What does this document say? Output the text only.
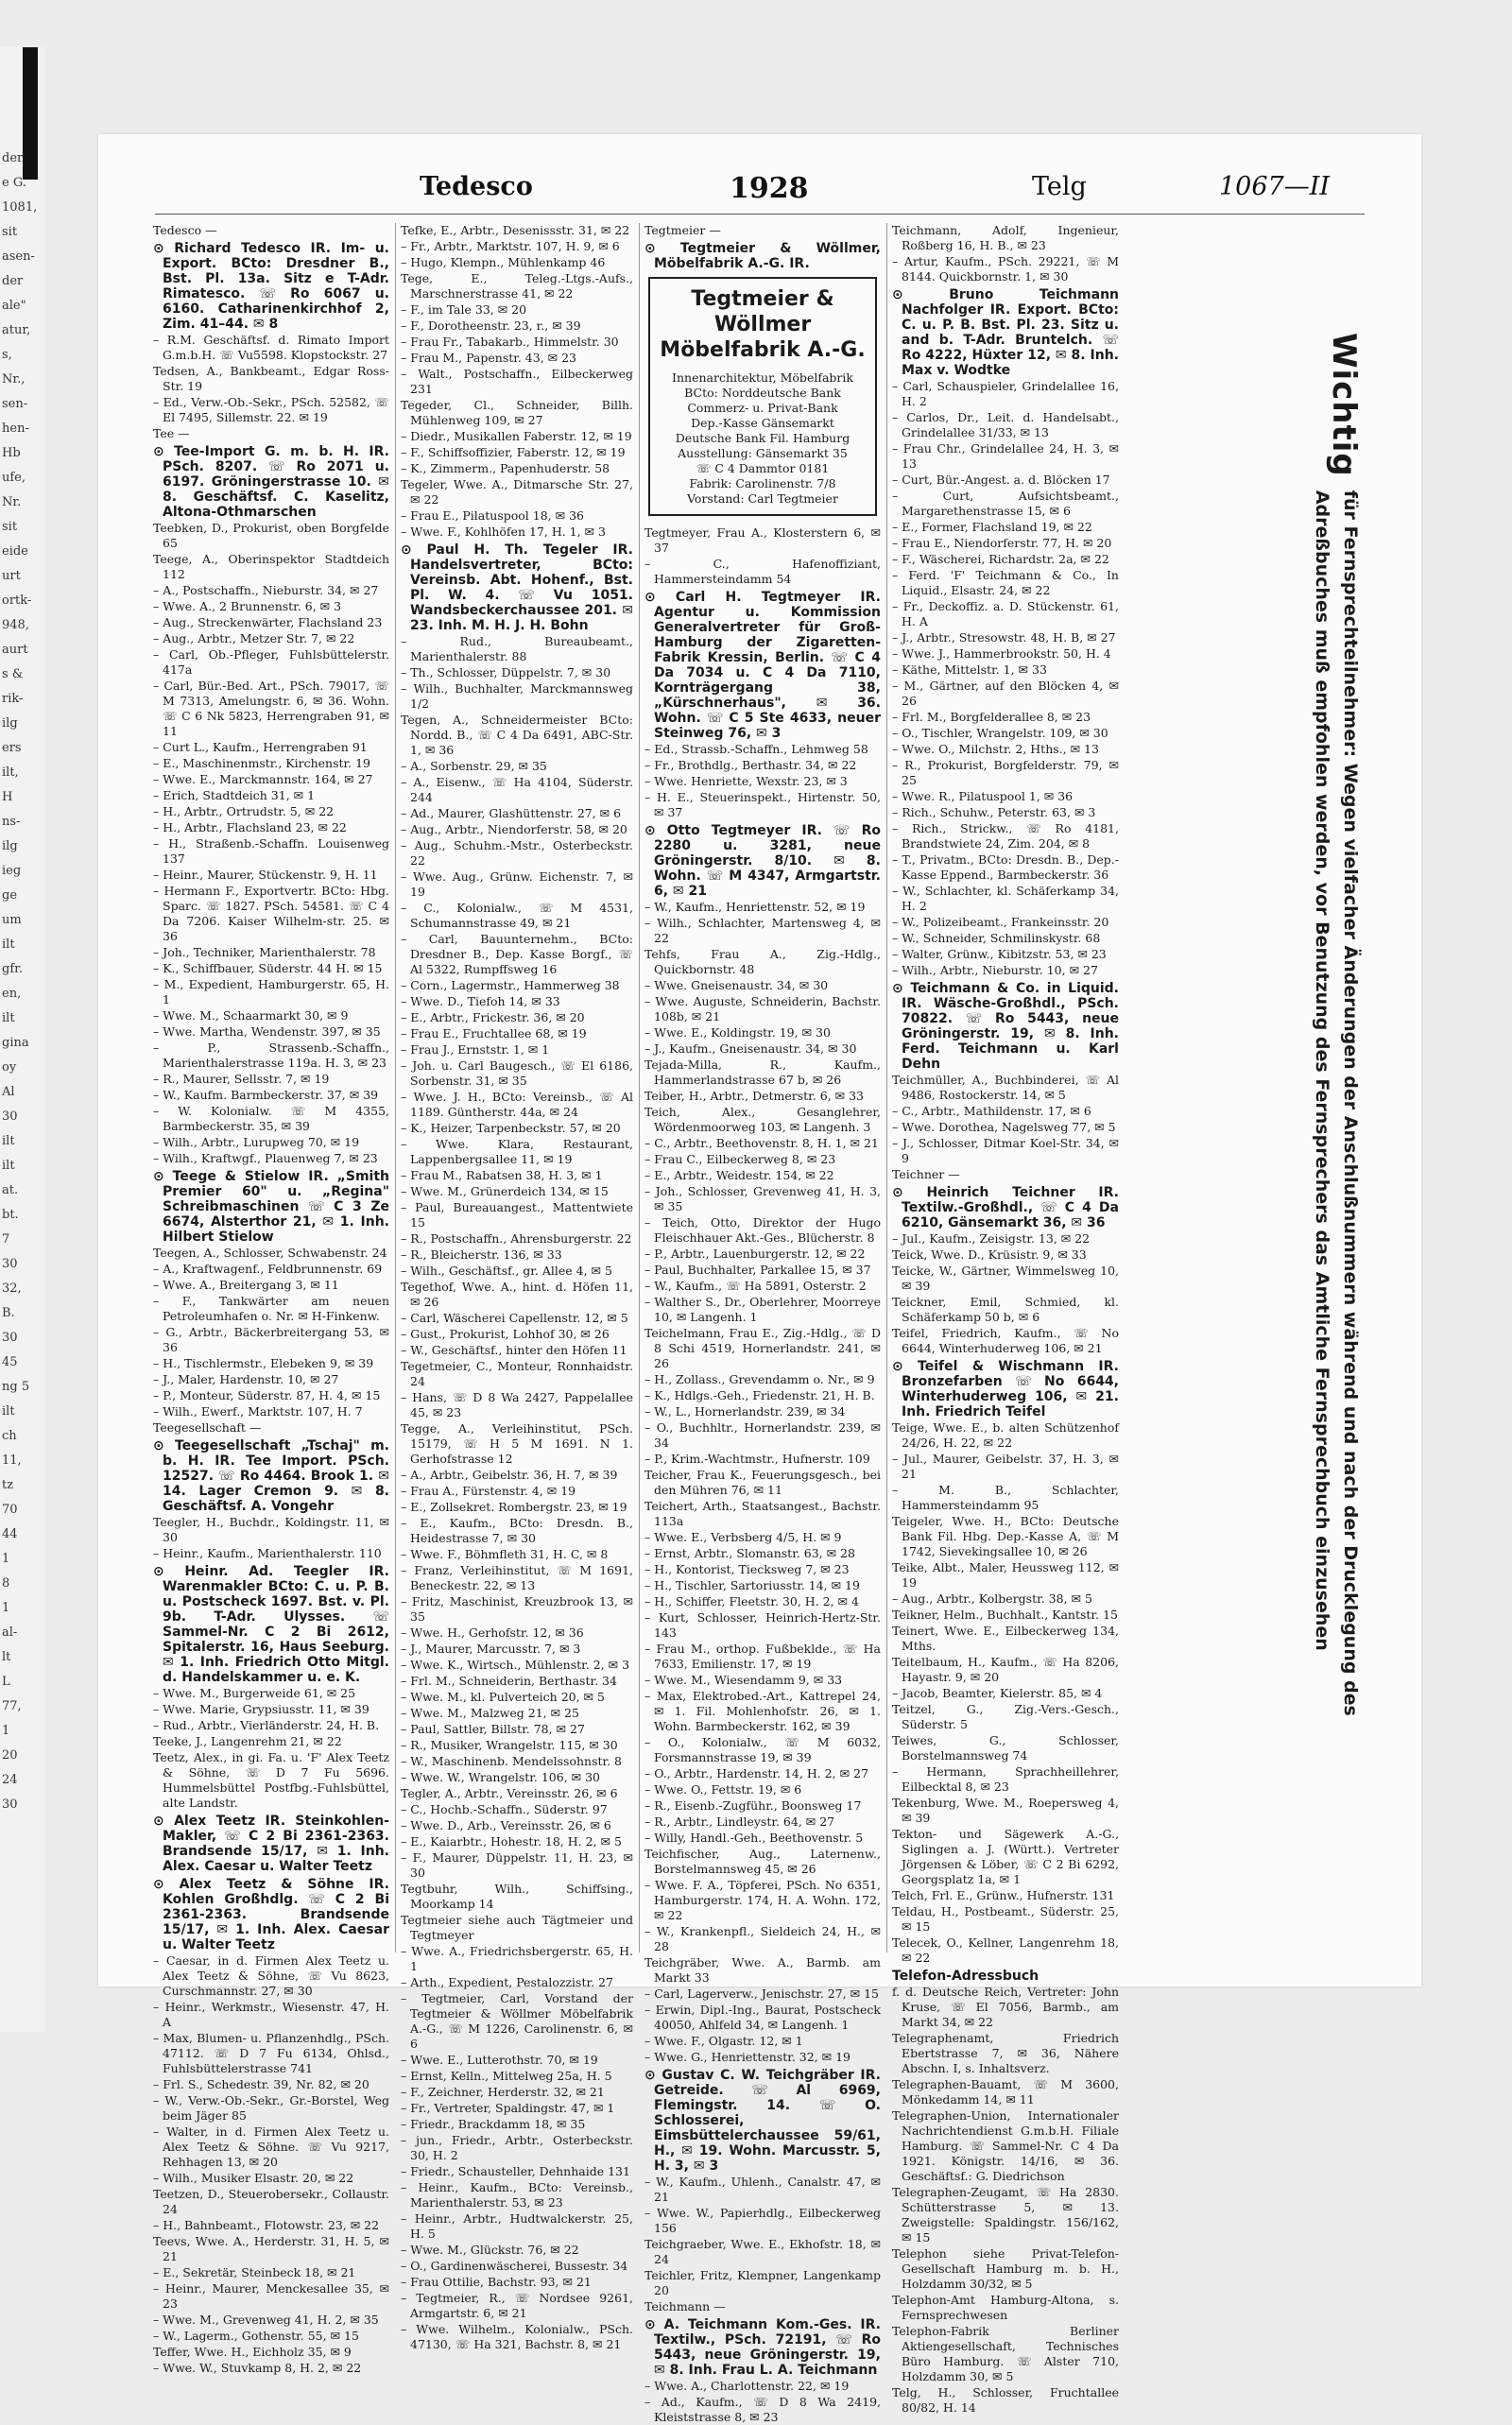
der
e G.
1081,
sit
asen-
der
ale"
atur,
s,
Nr.,
sen-
hen-
Hb
ufe,
Nr.
sit
eide
urt
ortk-
948,
aurt
s &
rik-
ilg
ers
ilt,
H
ns-
ilg
ieg
ge
um
ilt
gfr.
en,
ilt
gina
oy
Al
30
ilt
ilt
at.
bt.
7
30
32,
B.
30
45
ng 5
ilt
ch
11,
tz
70
44
1
8
1
al-
lt
L
77,
1
20
24
30
Tedesco	1928	Telg	1067—II
Tedesco —
⊙ Richard Tedesco IR. Im- u. Export. BCto: Dresdner B., Bst. Pl. 13a. Sitz e T-Adr. Rimatesco. ☏ Ro 6067 u. 6160. Catharinenkirchhof 2, Zim. 41–44. ✉ 8
– R.M. Geschäftsf. d. Rimato Import G.m.b.H. ☏ Vu5598. Klopstockstr. 27
Tedsen, A., Bankbeamt., Edgar Ross-Str. 19
– Ed., Verw.-Ob.-Sekr., PSch. 52582, ☏ El 7495, Sillemstr. 22. ✉ 19
Tee —
⊙ Tee-Import G. m. b. H. IR. PSch. 8207. ☏ Ro 2071 u. 6197. Gröningerstrasse 10. ✉ 8. Geschäftsf. C. Kaselitz, Altona-Othmarschen
Teebken, D., Prokurist, oben Borgfelde 65
Teege, A., Oberinspektor Stadtdeich 112
– A., Postschaffn., Nieburstr. 34, ✉ 27
– Wwe. A., 2 Brunnenstr. 6, ✉ 3
– Aug., Streckenwärter, Flachsland 23
– Aug., Arbtr., Metzer Str. 7, ✉ 22
– Carl, Ob.-Pfleger, Fuhlsbüttelerstr. 417a
– Carl, Bür.-Bed. Art., PSch. 79017, ☏ M 7313, Amelungstr. 6, ✉ 36. Wohn. ☏ C 6 Nk 5823, Herrengraben 91, ✉ 11
– Curt L., Kaufm., Herrengraben 91
– E., Maschinenmstr., Kirchenstr. 19
– Wwe. E., Marckmannstr. 164, ✉ 27
– Erich, Stadtdeich 31, ✉ 1
– H., Arbtr., Ortrudstr. 5, ✉ 22
– H., Arbtr., Flachsland 23, ✉ 22
– H., Straßenb.-Schaffn. Louisenweg 137
– Heinr., Maurer, Stückenstr. 9, H. 11
– Hermann F., Exportvertr. BCto: Hbg. Sparc. ☏ 1827. PSch. 54581. ☏ C 4 Da 7206. Kaiser Wilhelm-str. 25. ✉ 36
– Joh., Techniker, Marienthalerstr. 78
– K., Schiffbauer, Süderstr. 44 H. ✉ 15
– M., Expedient, Hamburgerstr. 65, H. 1
– Wwe. M., Schaarmarkt 30, ✉ 9
– Wwe. Martha, Wendenstr. 397, ✉ 35
– P., Strassenb.-Schaffn., Marienthalerstrasse 119a. H. 3, ✉ 23
– R., Maurer, Sellsstr. 7, ✉ 19
– W., Kaufm. Barmbeckerstr. 37, ✉ 39
– W. Kolonialw. ☏ M 4355, Barmbeckerstr. 35, ✉ 39
– Wilh., Arbtr., Lurupweg 70, ✉ 19
– Wilh., Kraftwgf., Plauenweg 7, ✉ 23
⊙ Teege & Stielow IR. „Smith Premier 60" u. „Regina" Schreibmaschinen ☏ C 3 Ze 6674, Alsterthor 21, ✉ 1. Inh. Hilbert Stielow
Teegen, A., Schlosser, Schwabenstr. 24
– A., Kraftwagenf., Feldbrunnenstr. 69
– Wwe. A., Breitergang 3, ✉ 11
– F., Tankwärter am neuen Petroleumhafen o. Nr. ✉ H-Finkenw.
– G., Arbtr., Bäckerbreitergang 53, ✉ 36
– H., Tischlermstr., Elebeken 9, ✉ 39
– J., Maler, Hardenstr. 10, ✉ 27
– P., Monteur, Süderstr. 87, H. 4, ✉ 15
– Wilh., Ewerf., Marktstr. 107, H. 7
Teegesellschaft —
⊙ Teegesellschaft „Tschaj" m. b. H. IR. Tee Import. PSch. 12527. ☏ Ro 4464. Brook 1. ✉ 14. Lager Cremon 9. ✉ 8. Geschäftsf. A. Vongehr
Teegler, H., Buchdr., Koldingstr. 11, ✉ 30
– Heinr., Kaufm., Marienthalerstr. 110
⊙ Heinr. Ad. Teegler IR. Warenmakler BCto: C. u. P. B. u. Postscheck 1697. Bst. v. Pl. 9b. T-Adr. Ulysses. ☏ Sammel-Nr. C 2 Bi 2612, Spitalerstr. 16, Haus Seeburg. ✉ 1. Inh. Friedrich Otto Mitgl. d. Handelskammer u. e. K.
– Wwe. M., Burgerweide 61, ✉ 25
– Wwe. Marie, Grypsiusstr. 11, ✉ 39
– Rud., Arbtr., Vierländerstr. 24, H. B.
Teeke, J., Langenrehm 21, ✉ 22
Teetz, Alex., in gi. Fa. u. 'F' Alex Teetz & Söhne, ☏ D 7 Fu 5696. Hummelsbüttel Postfbg.-Fuhlsbüttel, alte Landstr.
⊙ Alex Teetz IR. Steinkohlen-Makler, ☏ C 2 Bi 2361-2363. Brandsende 15/17, ✉ 1. Inh. Alex. Caesar u. Walter Teetz
⊙ Alex Teetz & Söhne IR. Kohlen Großhdlg. ☏ C 2 Bi 2361-2363. Brandsende 15/17, ✉ 1. Inh. Alex. Caesar u. Walter Teetz
– Caesar, in d. Firmen Alex Teetz u. Alex Teetz & Söhne, ☏ Vu 8623, Curschmannstr. 27, ✉ 30
– Heinr., Werkmstr., Wiesenstr. 47, H. A
– Max, Blumen- u. Pflanzenhdlg., PSch. 47112. ☏ D 7 Fu 6134, Ohlsd., Fuhlsbüttelerstrasse 741
– Frl. S., Schedestr. 39, Nr. 82, ✉ 20
– W., Verw.-Ob.-Sekr., Gr.-Borstel, Weg beim Jäger 85
– Walter, in d. Firmen Alex Teetz u. Alex Teetz & Söhne. ☏ Vu 9217, Rehhagen 13, ✉ 20
– Wilh., Musiker Elsastr. 20, ✉ 22
Teetzen, D., Steuerobersekr., Collaustr. 24
– H., Bahnbeamt., Flotowstr. 23, ✉ 22
Teevs, Wwe. A., Herderstr. 31, H. 5, ✉ 21
– E., Sekretär, Steinbeck 18, ✉ 21
– Heinr., Maurer, Menckesallee 35, ✉ 23
– Wwe. M., Grevenweg 41, H. 2, ✉ 35
– W., Lagerm., Gothenstr. 55, ✉ 15
Teffer, Wwe. H., Eichholz 35, ✉ 9
– Wwe. W., Stuvkamp 8, H. 2, ✉ 22
Tefke, E., Arbtr., Desenissstr. 31, ✉ 22
– Fr., Arbtr., Marktstr. 107, H. 9, ✉ 6
– Hugo, Klempn., Mühlenkamp 46
Tege, E., Teleg.-Ltgs.-Aufs., Marschnerstrasse 41, ✉ 22
– F., im Tale 33, ✉ 20
– F., Dorotheenstr. 23, r., ✉ 39
– Frau Fr., Tabakarb., Himmelstr. 30
– Frau M., Papenstr. 43, ✉ 23
– Walt., Postschaffn., Eilbeckerweg 231
Tegeder, Cl., Schneider, Billh. Mühlenweg 109, ✉ 27
– Diedr., Musikallen Faberstr. 12, ✉ 19
– F., Schiffsoffizier, Faberstr. 12, ✉ 19
– K., Zimmerm., Papenhuderstr. 58
Tegeler, Wwe. A., Ditmarsche Str. 27, ✉ 22
– Frau E., Pilatuspool 18, ✉ 36
– Wwe. F., Kohlhöfen 17, H. 1, ✉ 3
⊙ Paul H. Th. Tegeler IR. Handelsvertreter, BCto: Vereinsb. Abt. Hohenf., Bst. Pl. W. 4. ☏ Vu 1051. Wandsbeckerchaussee 201. ✉ 23. Inh. M. H. J. H. Bohn
– Rud., Bureaubeamt., Marienthalerstr. 88
– Th., Schlosser, Düppelstr. 7, ✉ 30
– Wilh., Buchhalter, Marckmannsweg 1/2
Tegen, A., Schneidermeister BCto: Nordd. B., ☏ C 4 Da 6491, ABC-Str. 1, ✉ 36
– A., Sorbenstr. 29, ✉ 35
– A., Eisenw., ☏ Ha 4104, Süderstr. 244
– Ad., Maurer, Glashüttenstr. 27, ✉ 6
– Aug., Arbtr., Niendorferstr. 58, ✉ 20
– Aug., Schuhm.-Mstr., Osterbeckstr. 22
– Wwe. Aug., Grünw. Eichenstr. 7, ✉ 19
– C., Kolonialw., ☏ M 4531, Schumannstrasse 49, ✉ 21
– Carl, Bauunternehm., BCto: Dresdner B., Dep. Kasse Borgf., ☏ Al 5322, Rumpffsweg 16
– Corn., Lagermstr., Hammerweg 38
– Wwe. D., Tiefoh 14, ✉ 33
– E., Arbtr., Frickestr. 36, ✉ 20
– Frau E., Fruchtallee 68, ✉ 19
– Frau J., Ernststr. 1, ✉ 1
– Joh. u. Carl Baugesch., ☏ El 6186, Sorbenstr. 31, ✉ 35
– Wwe. J. H., BCto: Vereinsb., ☏ Al 1189. Güntherstr. 44a, ✉ 24
– K., Heizer, Tarpenbeckstr. 57, ✉ 20
– Wwe. Klara, Restaurant, Lappenbergsallee 11, ✉ 19
– Frau M., Rabatsen 38, H. 3, ✉ 1
– Wwe. M., Grünerdeich 134, ✉ 15
– Paul, Bureauangest., Mattentwiete 15
– R., Postschaffn., Ahrensburgerstr. 22
– R., Bleicherstr. 136, ✉ 33
– Wilh., Geschäftsf., gr. Allee 4, ✉ 5
Tegethof, Wwe. A., hint. d. Höfen 11, ✉ 26
– Carl, Wäscherei Capellenstr. 12, ✉ 5
– Gust., Prokurist, Lohhof 30, ✉ 26
– W., Geschäftsf., hinter den Höfen 11
Tegetmeier, C., Monteur, Ronnhaidstr. 24
– Hans, ☏ D 8 Wa 2427, Pappelallee 45, ✉ 23
Tegge, A., Verleihinstitut, PSch. 15179, ☏ H 5 M 1691. N 1. Gerhofstrasse 12
– A., Arbtr., Geibelstr. 36, H. 7, ✉ 39
– Frau A., Fürstenstr. 4, ✉ 19
– E., Zollsekret. Rombergstr. 23, ✉ 19
– E., Kaufm., BCto: Dresdn. B., Heidestrasse 7, ✉ 30
– Wwe. F., Böhmfleth 31, H. C, ✉ 8
– Franz, Verleihinstitut, ☏ M 1691, Beneckestr. 22, ✉ 13
– Fritz, Maschinist, Kreuzbrook 13, ✉ 35
– Wwe. H., Gerhofstr. 12, ✉ 36
– J., Maurer, Marcusstr. 7, ✉ 3
– Wwe. K., Wirtsch., Mühlenstr. 2, ✉ 3
– Frl. M., Schneiderin, Berthastr. 34
– Wwe. M., kl. Pulverteich 20, ✉ 5
– Wwe. M., Malzweg 21, ✉ 25
– Paul, Sattler, Billstr. 78, ✉ 27
– R., Musiker, Wrangelstr. 115, ✉ 30
– W., Maschinenb. Mendelssohnstr. 8
– Wwe. W., Wrangelstr. 106, ✉ 30
Tegler, A., Arbtr., Vereinsstr. 26, ✉ 6
– C., Hochb.-Schaffn., Süderstr. 97
– Wwe. D., Arb., Vereinsstr. 26, ✉ 6
– E., Kaiarbtr., Hohestr. 18, H. 2, ✉ 5
– F., Maurer, Düppelstr. 11, H. 23, ✉ 30
Tegtbuhr, Wilh., Schiffsing., Moorkamp 14
Tegtmeier siehe auch Tägtmeier und Tegtmeyer
– Wwe. A., Friedrichsbergerstr. 65, H. 1
– Arth., Expedient, Pestalozzistr. 27
– Tegtmeier, Carl, Vorstand der Tegtmeier & Wöllmer Möbelfabrik A.-G., ☏ M 1226, Carolinenstr. 6, ✉ 6
– Wwe. E., Lutterothstr. 70, ✉ 19
– Ernst, Kelln., Mittelweg 25a, H. 5
– F., Zeichner, Herderstr. 32, ✉ 21
– Fr., Vertreter, Spaldingstr. 47, ✉ 1
– Friedr., Brackdamm 18, ✉ 35
– jun., Friedr., Arbtr., Osterbeckstr. 30, H. 2
– Friedr., Schausteller, Dehnhaide 131
– Heinr., Kaufm., BCto: Vereinsb., Marienthalerstr. 53, ✉ 23
– Heinr., Arbtr., Hudtwalckerstr. 25, H. 5
– Wwe. M., Glückstr. 76, ✉ 22
– O., Gardinenwäscherei, Bussestr. 34
– Frau Ottilie, Bachstr. 93, ✉ 21
– Tegtmeier, R., ☏ Nordsee 9261, Armgartstr. 6, ✉ 21
– Wwe. Wilhelm., Kolonialw., PSch. 47130, ☏ Ha 321, Bachstr. 8, ✉ 21
Tegtmeier —
⊙ Tegtmeier & Wöllmer, Möbelfabrik A.-G. IR.
Tegtmeier & Wöllmer Möbelfabrik A.-G.
Innenarchitektur, Möbelfabrik
BCto: Norddeutsche Bank
Commerz- u. Privat-Bank
Dep.-Kasse Gänsemarkt
Deutsche Bank Fil. Hamburg
Ausstellung: Gänsemarkt 35
☏ C 4 Dammtor 0181
Fabrik: Carolinenstr. 7/8
Vorstand: Carl Tegtmeier
Tegtmeyer, Frau A., Klosterstern 6, ✉ 37
– C., Hafenoffiziant, Hammersteindamm 54
⊙ Carl H. Tegtmeyer IR. Agentur u. Kommission Generalvertreter für Groß-Hamburg der Zigaretten-Fabrik Kressin, Berlin. ☏ C 4 Da 7034 u. C 4 Da 7110, Kornträgergang 38, „Kürschnerhaus", ✉ 36. Wohn. ☏ C 5 Ste 4633, neuer Steinweg 76, ✉ 3
– Ed., Strassb.-Schaffn., Lehmweg 58
– Fr., Brothdlg., Berthastr. 34, ✉ 22
– Wwe. Henriette, Wexstr. 23, ✉ 3
– H. E., Steuerinspekt., Hirtenstr. 50, ✉ 37
⊙ Otto Tegtmeyer IR. ☏ Ro 2280 u. 3281, neue Gröningerstr. 8/10. ✉ 8. Wohn. ☏ M 4347, Armgartstr. 6, ✉ 21
– W., Kaufm., Henriettenstr. 52, ✉ 19
– Wilh., Schlachter, Martensweg 4, ✉ 22
Tehfs, Frau A., Zig.-Hdlg., Quickbornstr. 48
– Wwe. Gneisenaustr. 34, ✉ 30
– Wwe. Auguste, Schneiderin, Bachstr. 108b, ✉ 21
– Wwe. E., Koldingstr. 19, ✉ 30
– J., Kaufm., Gneisenaustr. 34, ✉ 30
Tejada-Milla, R., Kaufm., Hammerlandstrasse 67 b, ✉ 26
Teiber, H., Arbtr., Detmerstr. 6, ✉ 33
Teich, Alex., Gesanglehrer, Wördenmoorweg 103, ✉ Langenh. 3
– C., Arbtr., Beethovenstr. 8, H. 1, ✉ 21
– Frau C., Eilbeckerweg 8, ✉ 23
– E., Arbtr., Weidestr. 154, ✉ 22
– Joh., Schlosser, Grevenweg 41, H. 3, ✉ 35
– Teich, Otto, Direktor der Hugo Fleischhauer Akt.-Ges., Blücherstr. 8
– P., Arbtr., Lauenburgerstr. 12, ✉ 22
– Paul, Buchhalter, Parkallee 15, ✉ 37
– W., Kaufm., ☏ Ha 5891, Osterstr. 2
– Walther S., Dr., Oberlehrer, Moorreye 10, ✉ Langenh. 1
Teichelmann, Frau E., Zig.-Hdlg., ☏ D 8 Schi 4519, Hornerlandstr. 241, ✉ 26
– H., Zollass., Grevendamm o. Nr., ✉ 9
– K., Hdlgs.-Geh., Friedenstr. 21, H. B.
– W., L., Hornerlandstr. 239, ✉ 34
– O., Buchhltr., Hornerlandstr. 239, ✉ 34
– P., Krim.-Wachtmstr., Hufnerstr. 109
Teicher, Frau K., Feuerungsgesch., bei den Mühren 76, ✉ 11
Teichert, Arth., Staatsangest., Bachstr. 113a
– Wwe. E., Verbsberg 4/5, H. ✉ 9
– Ernst, Arbtr., Slomanstr. 63, ✉ 28
– H., Kontorist, Tiecksweg 7, ✉ 23
– H., Tischler, Sartoriusstr. 14, ✉ 19
– H., Schiffer, Fleetstr. 30, H. 2, ✉ 4
– Kurt, Schlosser, Heinrich-Hertz-Str. 143
– Frau M., orthop. Fußbeklde., ☏ Ha 7633, Emilienstr. 17, ✉ 19
– Wwe. M., Wiesendamm 9, ✉ 33
– Max, Elektrobed.-Art., Kattrepel 24, ✉ 1. Fil. Mohlenhofstr. 26, ✉ 1. Wohn. Barmbeckerstr. 162, ✉ 39
– O., Kolonialw., ☏ M 6032, Forsmannstrasse 19, ✉ 39
– O., Arbtr., Hardenstr. 14, H. 2, ✉ 27
– Wwe. O., Fettstr. 19, ✉ 6
– R., Eisenb.-Zugführ., Boonsweg 17
– R., Arbtr., Lindleystr. 64, ✉ 27
– Willy, Handl.-Geh., Beethovenstr. 5
Teichfischer, Aug., Laternenw., Borstelmannsweg 45, ✉ 26
– Wwe. F. A., Töpferei, PSch. No 6351, Hamburgerstr. 174, H. A. Wohn. 172, ✉ 22
– W., Krankenpfl., Sieldeich 24, H., ✉ 28
Teichgräber, Wwe. A., Barmb. am Markt 33
– Carl, Lagerverw., Jenischstr. 27, ✉ 15
– Erwin, Dipl.-Ing., Baurat, Postscheck 40050, Ahlfeld 34, ✉ Langenh. 1
– Wwe. F., Olgastr. 12, ✉ 1
– Wwe. G., Henriettenstr. 32, ✉ 19
⊙ Gustav C. W. Teichgräber IR. Getreide. ☏ Al 6969, Flemingstr. 14. ☏ O. Schlosserei, Eimsbüttelerchaussee 59/61, H., ✉ 19. Wohn. Marcusstr. 5, H. 3, ✉ 3
– W., Kaufm., Uhlenh., Canalstr. 47, ✉ 21
– Wwe. W., Papierhdlg., Eilbeckerweg 156
Teichgraeber, Wwe. E., Ekhofstr. 18, ✉ 24
Teichler, Fritz, Klempner, Langenkamp 20
Teichmann —
⊙ A. Teichmann Kom.-Ges. IR. Textilw., PSch. 72191, ☏ Ro 5443, neue Gröningerstr. 19, ✉ 8. Inh. Frau L. A. Teichmann
– Wwe. A., Charlottenstr. 22, ✉ 19
– Ad., Kaufm., ☏ D 8 Wa 2419, Kleiststrasse 8, ✉ 23
Teichmann, Adolf, Ingenieur, Roßberg 16, H. B., ✉ 23
– Artur, Kaufm., PSch. 29221, ☏ M 8144. Quickbornstr. 1, ✉ 30
⊙ Bruno Teichmann Nachfolger IR. Export. BCto: C. u. P. B. Bst. Pl. 23. Sitz u. and b. T-Adr. Bruntelch. ☏ Ro 4222, Hüxter 12, ✉ 8. Inh. Max v. Wodtke
– Carl, Schauspieler, Grindelallee 16, H. 2
– Carlos, Dr., Leit. d. Handelsabt., Grindelallee 31/33, ✉ 13
– Frau Chr., Grindelallee 24, H. 3, ✉ 13
– Curt, Bür.-Angest. a. d. Blöcken 17
– Curt, Aufsichtsbeamt., Margarethenstrasse 15, ✉ 6
– E., Former, Flachsland 19, ✉ 22
– Frau E., Niendorferstr. 77, H. ✉ 20
– F., Wäscherei, Richardstr. 2a, ✉ 22
– Ferd. 'F' Teichmann & Co., In Liquid., Elsastr. 24, ✉ 22
– Fr., Deckoffiz. a. D. Stückenstr. 61, H. A
– J., Arbtr., Stresowstr. 48, H. B, ✉ 27
– Wwe. J., Hammerbrookstr. 50, H. 4
– Käthe, Mittelstr. 1, ✉ 33
– M., Gärtner, auf den Blöcken 4, ✉ 26
– Frl. M., Borgfelderallee 8, ✉ 23
– O., Tischler, Wrangelstr. 109, ✉ 30
– Wwe. O., Milchstr. 2, Hths., ✉ 13
– R., Prokurist, Borgfelderstr. 79, ✉ 25
– Wwe. R., Pilatuspool 1, ✉ 36
– Rich., Schuhw., Peterstr. 63, ✉ 3
– Rich., Strickw., ☏ Ro 4181, Brandstwiete 24, Zim. 204, ✉ 8
– T., Privatm., BCto: Dresdn. B., Dep.-Kasse Eppend., Barmbeckerstr. 36
– W., Schlachter, kl. Schäferkamp 34, H. 2
– W., Polizeibeamt., Frankeinsstr. 20
– W., Schneider, Schmilinskystr. 68
– Walter, Grünw., Kibitzstr. 53, ✉ 23
– Wilh., Arbtr., Nieburstr. 10, ✉ 27
⊙ Teichmann & Co. in Liquid. IR. Wäsche-Großhdl., PSch. 70822. ☏ Ro 5443, neue Gröningerstr. 19, ✉ 8. Inh. Ferd. Teichmann u. Karl Dehn
Teichmüller, A., Buchbinderei, ☏ Al 9486, Rostockerstr. 14, ✉ 5
– C., Arbtr., Mathildenstr. 17, ✉ 6
– Wwe. Dorothea, Nagelsweg 77, ✉ 5
– J., Schlosser, Ditmar Koel-Str. 34, ✉ 9
Teichner —
⊙ Heinrich Teichner IR. Textilw.-Großhdl., ☏ C 4 Da 6210, Gänsemarkt 36, ✉ 36
– Jul., Kaufm., Zeisigstr. 13, ✉ 22
Teick, Wwe. D., Krüsistr. 9, ✉ 33
Teicke, W., Gärtner, Wimmelsweg 10, ✉ 39
Teickner, Emil, Schmied, kl. Schäferkamp 50 b, ✉ 6
Teifel, Friedrich, Kaufm., ☏ No 6644, Winterhuderweg 106, ✉ 21
⊙ Teifel & Wischmann IR. Bronzefarben ☏ No 6644, Winterhuderweg 106, ✉ 21. Inh. Friedrich Teifel
Teige, Wwe. E., b. alten Schützenhof 24/26, H. 22, ✉ 22
– Jul., Maurer, Geibelstr. 37, H. 3, ✉ 21
– M. B., Schlachter, Hammersteindamm 95
Teigeler, Wwe. H., BCto: Deutsche Bank Fil. Hbg. Dep.-Kasse A, ☏ M 1742, Sievekingsallee 10, ✉ 26
Teike, Albt., Maler, Heussweg 112, ✉ 19
– Aug., Arbtr., Kolbergstr. 38, ✉ 5
Teikner, Helm., Buchhalt., Kantstr. 15
Teinert, Wwe. E., Eilbeckerweg 134, Mths.
Teitelbaum, H., Kaufm., ☏ Ha 8206, Hayastr. 9, ✉ 20
– Jacob, Beamter, Kielerstr. 85, ✉ 4
Teitzel, G., Zig.-Vers.-Gesch., Süderstr. 5
Teiwes, G., Schlosser, Borstelmannsweg 74
– Hermann, Sprachheillehrer, Eilbecktal 8, ✉ 23
Tekenburg, Wwe. M., Roepersweg 4, ✉ 39
Tekton- und Sägewerk A.-G., Siglingen a. J. (Württ.). Vertreter Jörgensen & Löber, ☏ C 2 Bi 6292, Georgsplatz 1a, ✉ 1
Telch, Frl. E., Grünw., Hufnerstr. 131
Teldau, H., Postbeamt., Süderstr. 25, ✉ 15
Telecek, O., Kellner, Langenrehm 18, ✉ 22
Telefon-Adressbuch
f. d. Deutsche Reich, Vertreter: John Kruse, ☏ El 7056, Barmb., am Markt 34, ✉ 22
Telegraphenamt, Friedrich Ebertstrasse 7, ✉ 36, Nähere Abschn. I, s. Inhaltsverz.
Telegraphen-Bauamt, ☏ M 3600, Mönkedamm 14, ✉ 11
Telegraphen-Union, Internationaler Nachrichtendienst G.m.b.H. Filiale Hamburg. ☏ Sammel-Nr. C 4 Da 1921. Königstr. 14/16, ✉ 36. Geschäftsf.: G. Diedrichson
Telegraphen-Zeugamt, ☏ Ha 2830. Schütterstrasse 5, ✉ 13. Zweigstelle: Spaldingstr. 156/162, ✉ 15
Telephon siehe Privat-Telefon-Gesellschaft Hamburg m. b. H., Holzdamm 30/32, ✉ 5
Telephon-Amt Hamburg-Altona, s. Fernsprechwesen
Telephon-Fabrik Berliner Aktiengesellschaft, Technisches Büro Hamburg. ☏ Alster 710, Holzdamm 30, ✉ 5
Telg, H., Schlosser, Fruchtallee 80/82, H. 14
Wichtig
für Fernsprechteilnehmer: Wegen vielfacher Änderungen der Anschlußnummern während und nach der Drucklegung des Adreßbuches muß empfohlen werden, vor Benutzung des Fernsprechers das Amtliche Fernsprechbuch einzusehen
